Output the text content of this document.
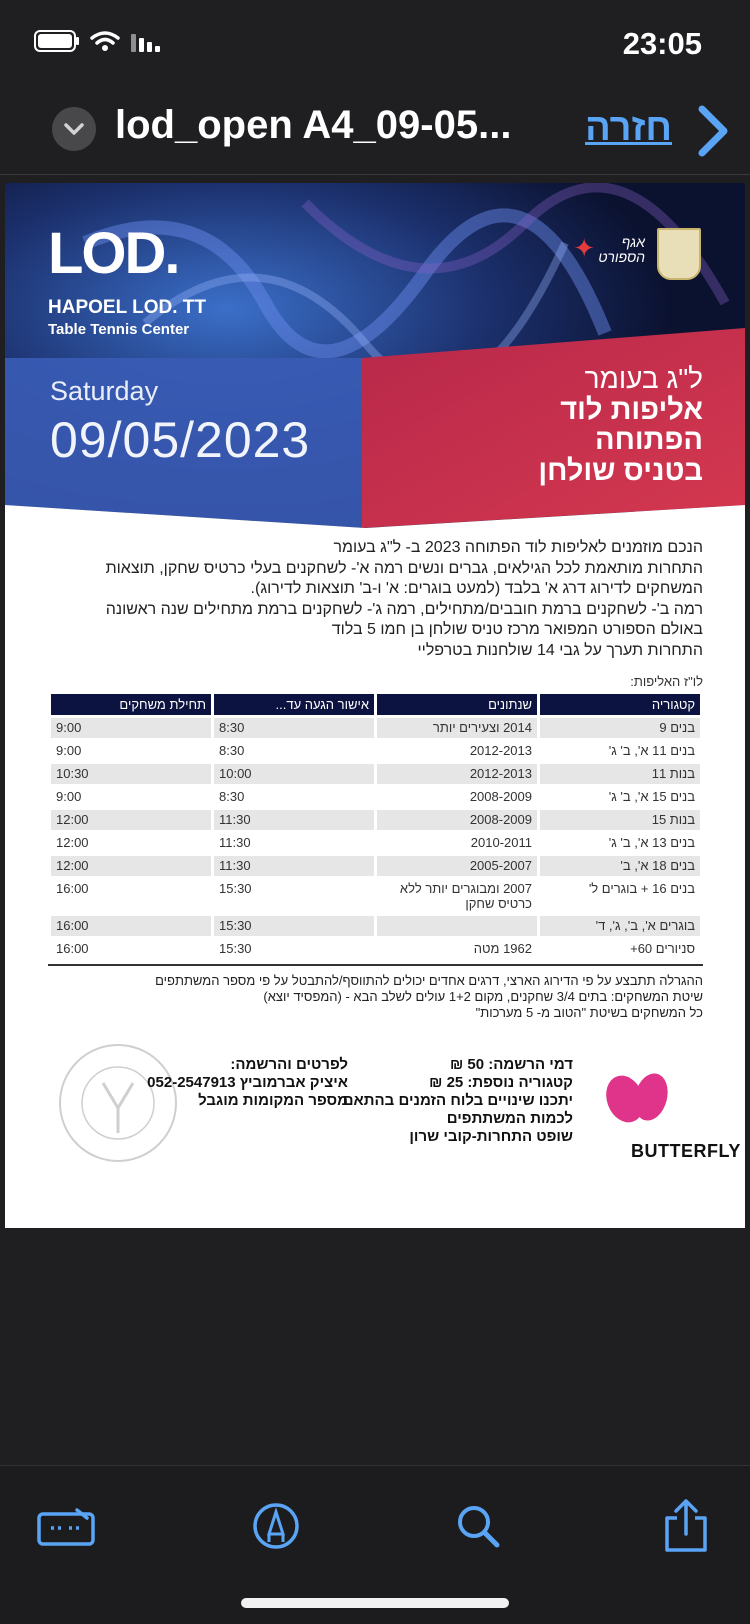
23:05
lod_open A4_09-05... חזרה
LOD.
HAPOEL LOD. TT
Table Tennis Center
✦	אגף
הספורט
Saturday
09/05/2023
ל"ג בעומר
אליפות לוד
הפתוחה
בטניס שולחן
הנכם מוזמנים לאליפות לוד הפתוחה 2023 ב- ל"ג בעומר
התחרות מותאמת לכל הגילאים, גברים ונשים רמה א'- לשחקנים בעלי כרטיס שחקן, תוצאות
המשחקים לדירוג דרג א' בלבד (למעט בוגרים: א' ו-ב' תוצאות לדירוג).
רמה ב'- לשחקנים ברמת חובבים/מתחילים, רמה ג'- לשחקנים ברמת מתחילים שנה ראשונה
באולם הספורט המפואר מרכז טניס שולחן בן חמו 5 בלוד
התחרות תערך על גבי 14 שולחנות בטרפליי
לו"ז האליפות:
קטגוריה	שנתונים	אישור הגעה עד...	תחילת משחקים
בנים 9	2014 וצעירים יותר	8:30	9:00
בנים 11 א', ב' ג'	2012-2013	8:30	9:00
בנות 11	2012-2013	10:00	10:30
בנים 15 א', ב' ג'	2008-2009	8:30	9:00
בנות 15	2008-2009	11:30	12:00
בנים 13 א', ב' ג'	2010-2011	11:30	12:00
בנים 18 א', ב'	2005-2007	11:30	12:00
בנים 16 + בוגרים ל'	2007 ומבוגרים יותר ללא כרטיס שחקן	15:30	16:00
בוגרים א', ב', ג', ד'		15:30	16:00
סניורים 60+	1962 מטה	15:30	16:00
ההגרלה תתבצע על פי הדירוג הארצי, דרגים אחדים יכולים להתווסף/להתבטל על פי מספר המשתתפים
שיטת המשחקים: בתים 3/4 שחקנים, מקום 1+2 עולים לשלב הבא - (המפסיד יוצא)
כל המשחקים בשיטת "הטוב מ- 5 מערכות"
לפרטים והרשמה:
איציק אברמוביץ 052-2547913
מספר המקומות מוגבל
דמי הרשמה: 50 ₪
קטגוריה נוספת: 25 ₪
יתכנו שינויים בלוח הזמנים בהתאם
לכמות המשתתפים
שופט התחרות-קובי שרון
BUTTERFLY
